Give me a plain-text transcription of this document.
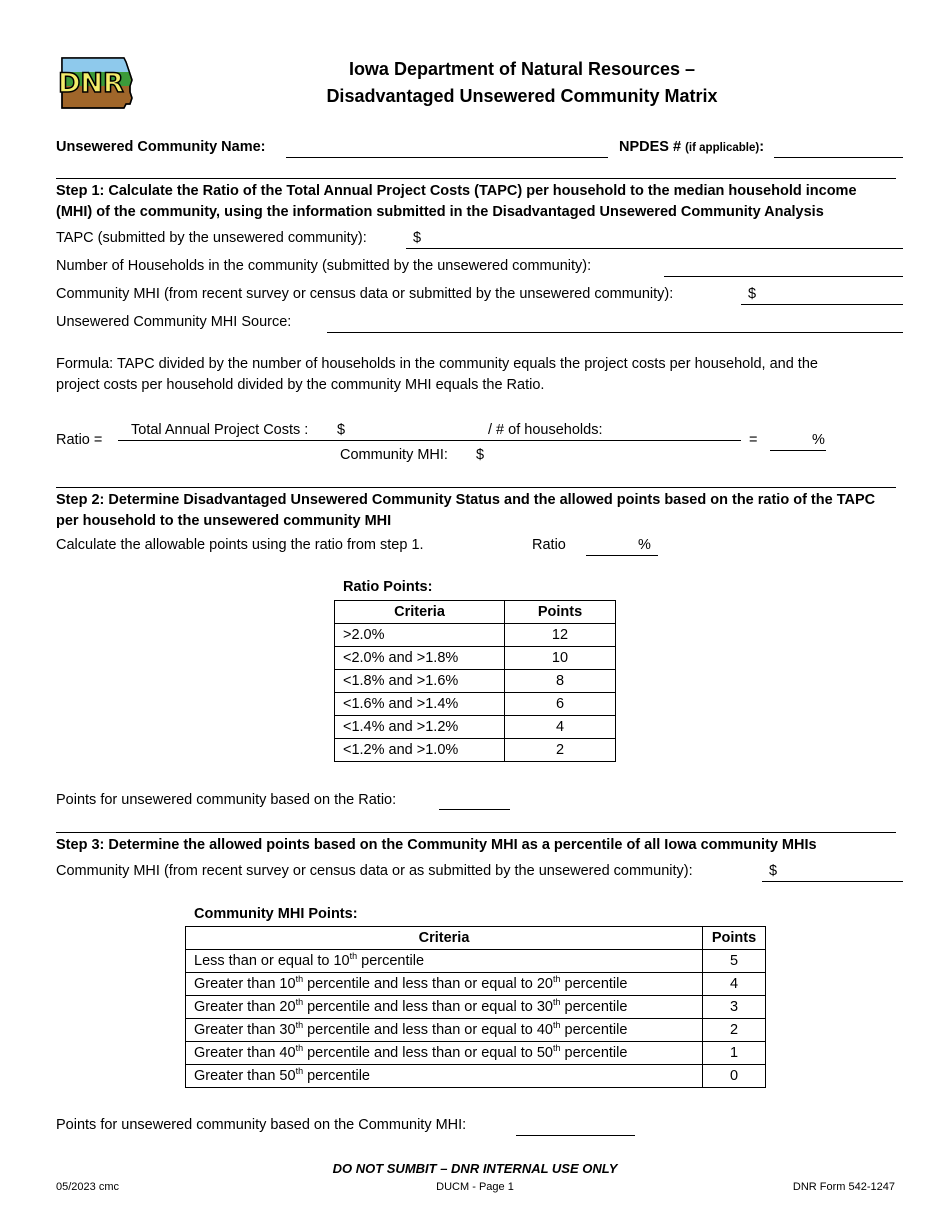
DNR	Iowa Department of Natural Resources –
Disadvantaged Unsewered Community Matrix
Unsewered Community Name:	NPDES # (if applicable):
Step 1: Calculate the Ratio of the Total Annual Project Costs (TAPC) per household to the median household income
(MHI) of the community, using the information submitted in the Disadvantaged Unsewered Community Analysis
TAPC (submitted by the unsewered community):	$
Number of Households in the community (submitted by the unsewered community):
Community MHI (from recent survey or census data or submitted by the unsewered community):	$
Unsewered Community MHI Source:
Formula: TAPC divided by the number of households in the community equals the project costs per household, and the
project costs per household divided by the community MHI equals the Ratio.
Ratio =
Total Annual Project Costs : $	/ # of households:
Community MHI: $
=	%
Step 2: Determine Disadvantaged Unsewered Community Status and the allowed points based on the ratio of the TAPC
per household to the unsewered community MHI
Calculate the allowable points using the ratio from step 1.	Ratio	%
Ratio Points:
Criteria	Points
>2.0%	12
<2.0% and >1.8%	10
<1.8% and >1.6%	8
<1.6% and >1.4%	6
<1.4% and >1.2%	4
<1.2% and >1.0%	2
Points for unsewered community based on the Ratio:
Step 3: Determine the allowed points based on the Community MHI as a percentile of all Iowa community MHIs
Community MHI (from recent survey or census data or as submitted by the unsewered community):	$
Community MHI Points:
Criteria	Points
Less than or equal to 10th percentile	5
Greater than 10th percentile and less than or equal to 20th percentile	4
Greater than 20th percentile and less than or equal to 30th percentile	3
Greater than 30th percentile and less than or equal to 40th percentile	2
Greater than 40th percentile and less than or equal to 50th percentile	1
Greater than 50th percentile	0
Points for unsewered community based on the Community MHI:
DO NOT SUMBIT – DNR INTERNAL USE ONLY
05/2023 cmc	DUCM - Page 1	DNR Form 542-1247
